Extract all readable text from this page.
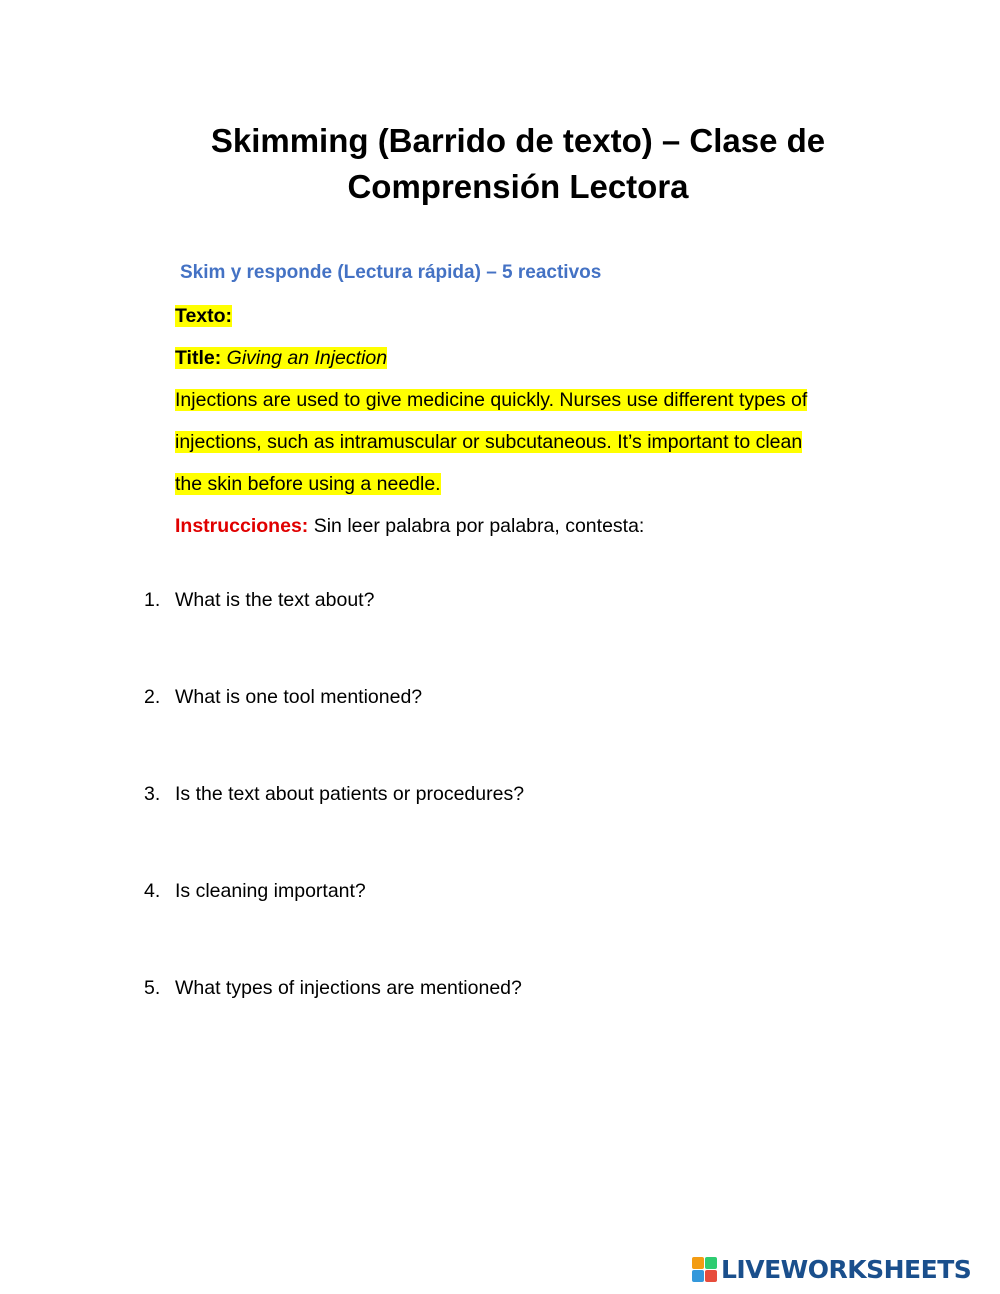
Skimming (Barrido de texto) – Clase de Comprensión Lectora

Skim y responde (Lectura rápida) – 5 reactivos

Texto:

Title: Giving an Injection

Injections are used to give medicine quickly. Nurses use different types of

injections, such as intramuscular or subcutaneous. It’s important to clean

the skin before using a needle.

Instrucciones: Sin leer palabra por palabra, contesta:

1. What is the text about?

2. What is one tool mentioned?

3. Is the text about patients or procedures?

4. Is cleaning important?

5. What types of injections are mentioned?

LIVEWORKSHEETS
